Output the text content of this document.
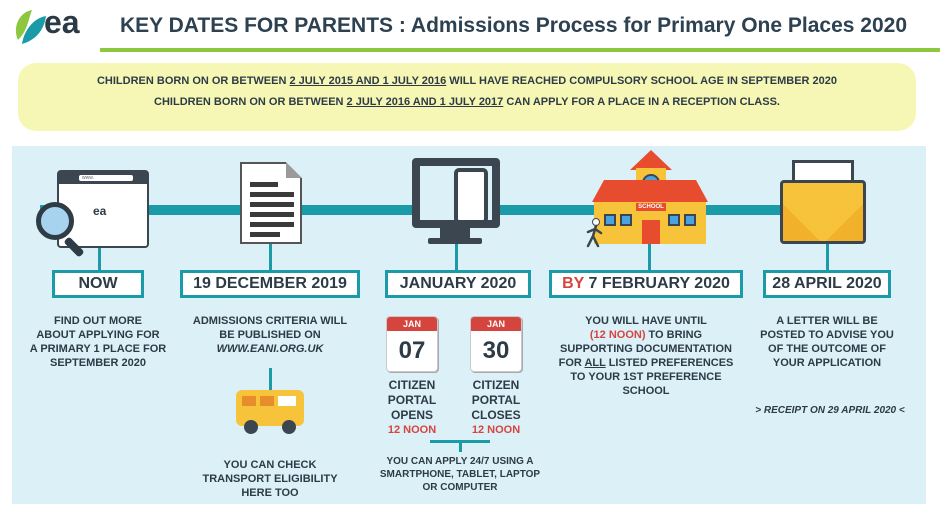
ea KEY DATES FOR PARENTS : Admissions Process for Primary One Places 2020
CHILDREN BORN ON OR BETWEEN 2 JULY 2015 AND 1 JULY 2016 WILL HAVE REACHED COMPULSORY SCHOOL AGE IN SEPTEMBER 2020
CHILDREN BORN ON OR BETWEEN 2 JULY 2016 AND 1 JULY 2017 CAN APPLY FOR A PLACE IN A RECEPTION CLASS.
www.
ea	SCHOOL
NOW	19 DECEMBER 2019	JANUARY 2020	BY 7 FEBRUARY 2020	28 APRIL 2020
FIND OUT MORE
ABOUT APPLYING FOR
A PRIMARY 1 PLACE FOR
SEPTEMBER 2020
ADMISSIONS CRITERIA WILL
BE PUBLISHED ON
WWW.EANI.ORG.UK
YOU CAN CHECK
TRANSPORT ELIGIBILITY
HERE TOO
JAN
07
JAN
30
CITIZEN
PORTAL
OPENS
12 NOON
CITIZEN
PORTAL
CLOSES
12 NOON
YOU CAN APPLY 24/7 USING A
SMARTPHONE, TABLET, LAPTOP
OR COMPUTER
YOU WILL HAVE UNTIL
(12 NOON) TO BRING
SUPPORTING DOCUMENTATION
FOR ALL LISTED PREFERENCES
TO YOUR 1ST PREFERENCE
SCHOOL
A LETTER WILL BE
POSTED TO ADVISE YOU
OF THE OUTCOME OF
YOUR APPLICATION
> RECEIPT ON 29 APRIL 2020 <
